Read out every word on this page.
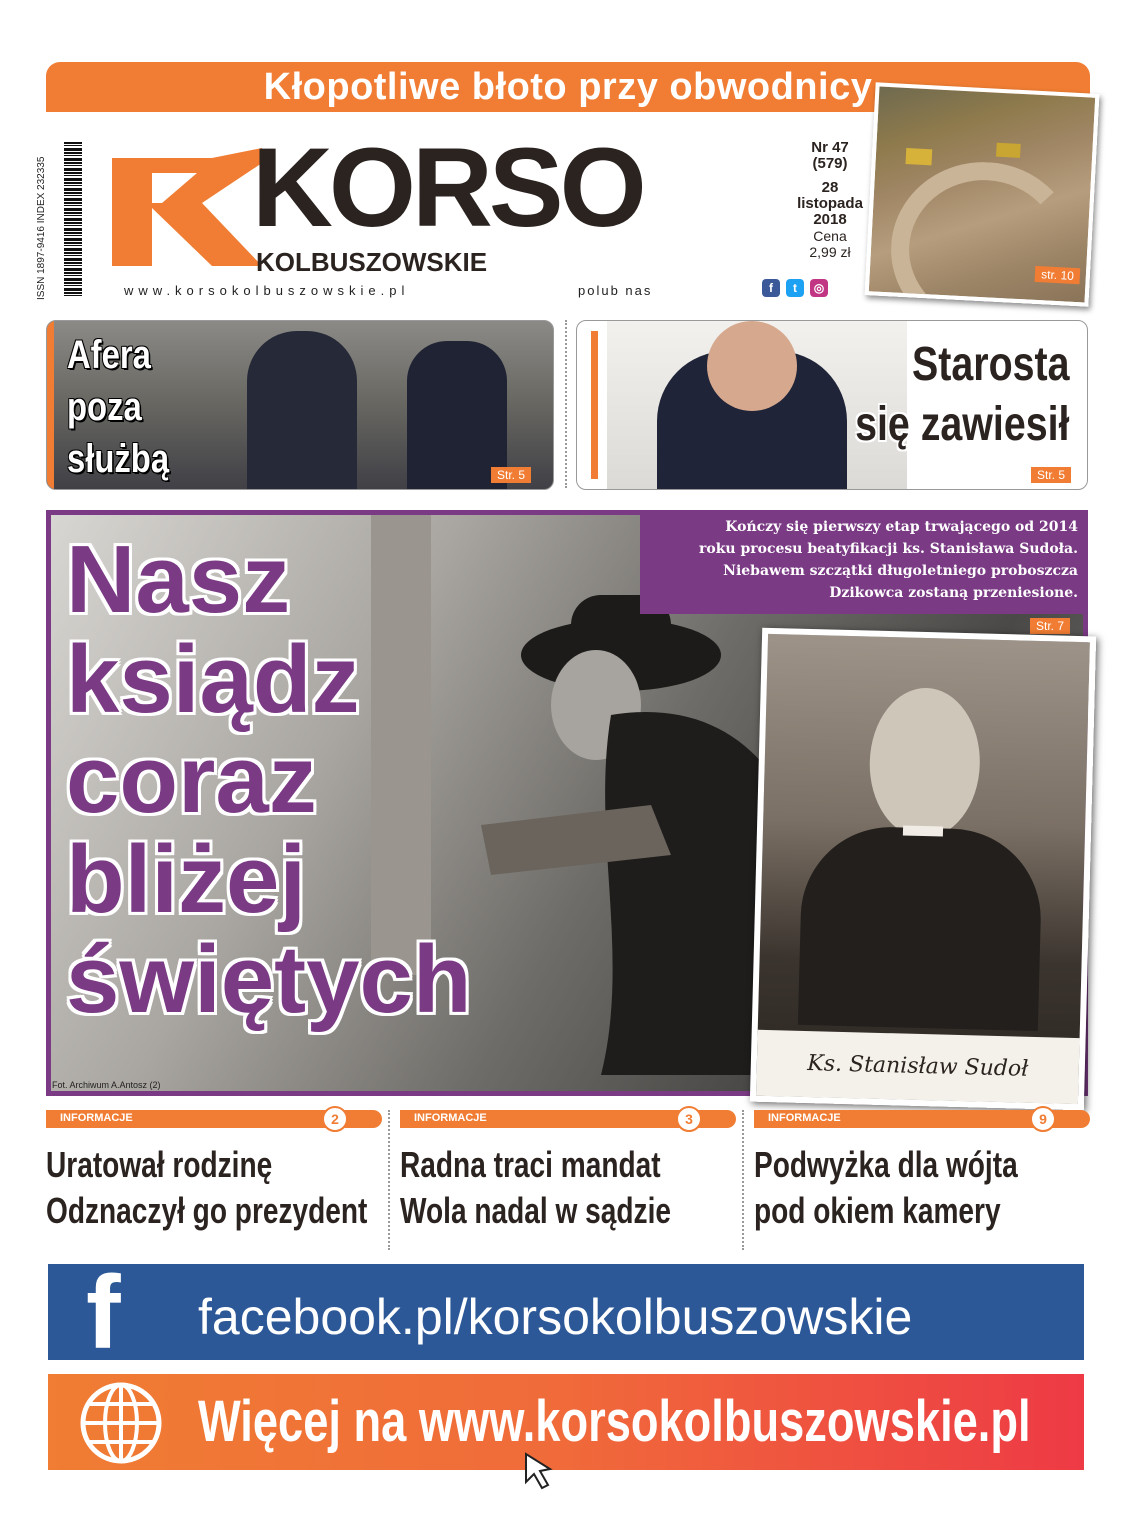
Kłopotliwe błoto przy obwodnicy
ISSN 1897-9416 INDEX 232335 KORSO
KOLBUSZOWSKIE
www.korsokolbuszowskie.pl	polub nas	f	t	◎
Nr 47
(579)
28
listopada
2018
Cena
2,99 zł
str. 10
Afera
poza
służbą	Str. 5
Starosta
się zawiesił
Str. 5
Nasz
ksiądz
coraz
bliżej
świętych
Kończy się pierwszy etap trwającego od 2014
roku procesu beatyfikacji ks. Stanisława Sudoła.
Niebawem szczątki długoletniego proboszcza
Dzikowca zostaną przeniesione.
Str. 7
Ks. Stanisław Sudoł
Fot. Archiwum A.Antosz (2)
INFORMACJE	2
Uratował rodzinę
Odznaczył go prezydent
INFORMACJE	3
Radna traci mandat
Wola nadal w sądzie
INFORMACJE	9
Podwyżka dla wójta
pod okiem kamery
f facebook.pl/korsokolbuszowskie
Więcej na www.korsokolbuszowskie.pl
